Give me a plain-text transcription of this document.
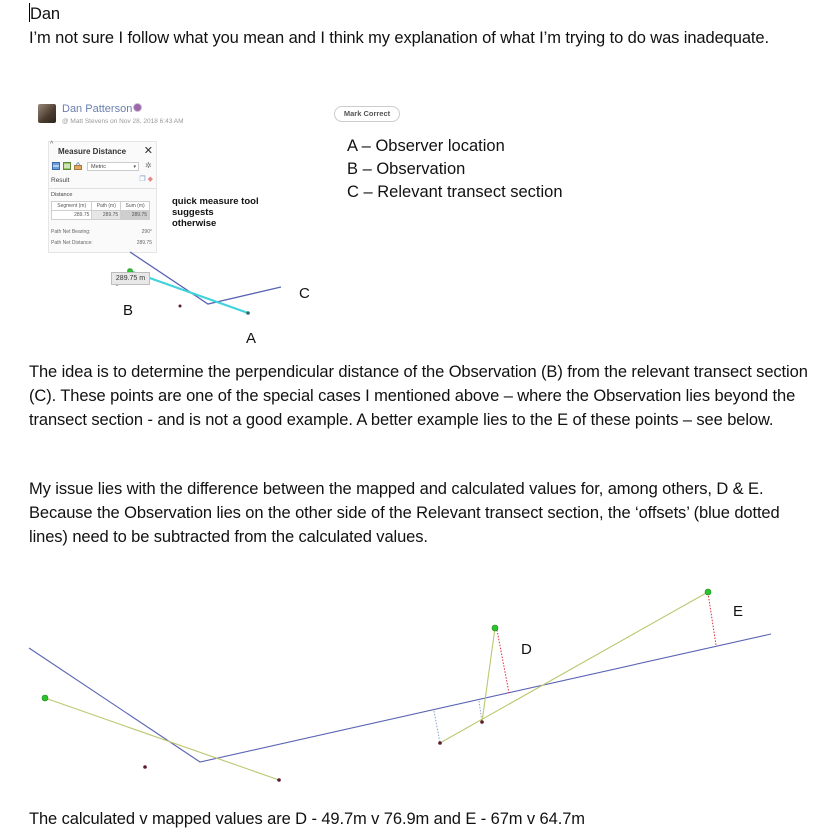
Dan
I’m not sure I follow what you mean and I think my explanation of what I’m trying to do was inadequate.
Dan Patterson
@ Matt Stevens on Nov 28, 2018 6:43 AM
Mark Correct
A – Observer location
B – Observation
C – Relevant transect section
^
Measure Distance ✕
Metric	▾ ✲
Result	❐ ◆
Distance
Segment (m)	Path (m)	Sum (m)
289.75	289.75	289.75
Path Net Bearing:	290°
Path Net Distance:	289.75
quick measure tool
suggests
otherwise
289.75 m
B
A
C
D
E
The idea is to determine the perpendicular distance of the Observation (B) from the relevant transect section (C). These points are one of the special cases I mentioned above – where the Observation lies beyond the transect section - and is not a good example. A better example lies to the E of these points – see below.
My issue lies with the difference between the mapped and calculated values for, among others, D & E. Because the Observation lies on the other side of the Relevant transect section, the ‘offsets’ (blue dotted lines) need to be subtracted from the calculated values.
The calculated v mapped values are D - 49.7m v 76.9m and E - 67m v 64.7m
